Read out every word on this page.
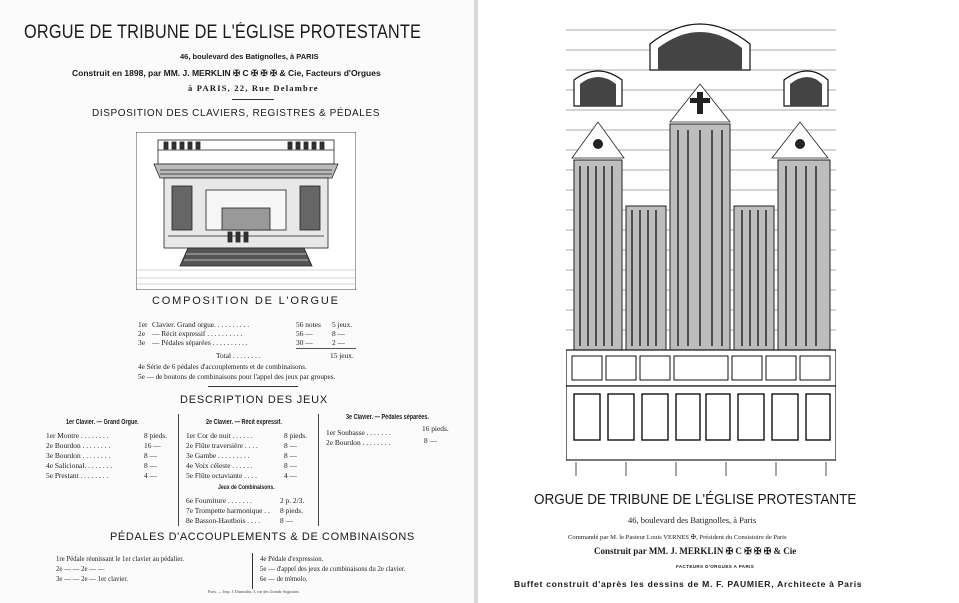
ORGUE DE TRIBUNE DE L'ÉGLISE PROTESTANTE
46, boulevard des Batignolles, à PARIS
Construit en 1898, par MM. J. MERKLIN ✠ C ✠ ✠ ✠ & Cie, Facteurs d'Orgues
à PARIS, 22, Rue Delambre
DISPOSITION DES CLAVIERS, REGISTRES & PÉDALES
COMPOSITION DE L'ORGUE
1er Clavier. Grand orgue. . . . . . . . . .	56 notes 5 jeux.
2e — Récit expressif . . . . . . . . . .	56 —	8 —
3e — Pédales séparées . . . . . . . . . .	30 —	2 —
Total . . . . . . . .	15 jeux.
4e Série de 6 pédales d'accouplements et de combinaisons.
5e — de boutons de combinaisons pour l'appel des jeux par groupes.
DESCRIPTION DES JEUX
1er Clavier. — Grand Orgue.
1er Montre . . . . . . . .	8 pieds.
2e Bourdon . . . . . . . .	16 —
3e Bourdon . . . . . . . .	8 —
4e Salicional. . . . . . . .	8 —
5e Prestant . . . . . . . .	4 —
2e Clavier. — Récit expressif.
1er Cor de nuit . . . . . .	8 pieds.
2e Flûte traversière . . . .	8 —
3e Gambe . . . . . . . . .	8 —
4e Voix céleste . . . . . .	8 —
5e Flûte octaviante . . . .	4 —
Jeux de Combinaisons.
6e Fourniture . . . . . . .	2 p. 2/3.
7e Trompette harmonique . . 8 pieds.
8e Basson-Hautbois . . . .	8 —
3e Clavier. — Pédales séparées.
1er Soubasse . . . . . . .	16 pieds.
2e Bourdon . . . . . . . .	8 —
PÉDALES D'ACCOUPLEMENTS & DE COMBINAISONS
1re Pédale réunissant le 1er clavier au pédalier.
2e — — 2e — —
3e — — 2e — 1er clavier.
4e Pédale d'expression.
5e — d'appel des jeux de combinaisons du 2e clavier.
6e — de trémolo.
Paris. — Imp. J. Dumoulin, 5, rue des Grands-Augustins.
ORGUE DE TRIBUNE DE L'ÉGLISE PROTESTANTE
46, boulevard des Batignolles, à Paris
Commandé par M. le Pasteur Louis VERNES ✠, Président du Consistoire de Paris
Construit par MM. J. MERKLIN ✠ C ✠ ✠ ✠ & Cie
FACTEURS D'ORGUES A PARIS
Buffet construit d'après les dessins de M. F. PAUMIER, Architecte à Paris
